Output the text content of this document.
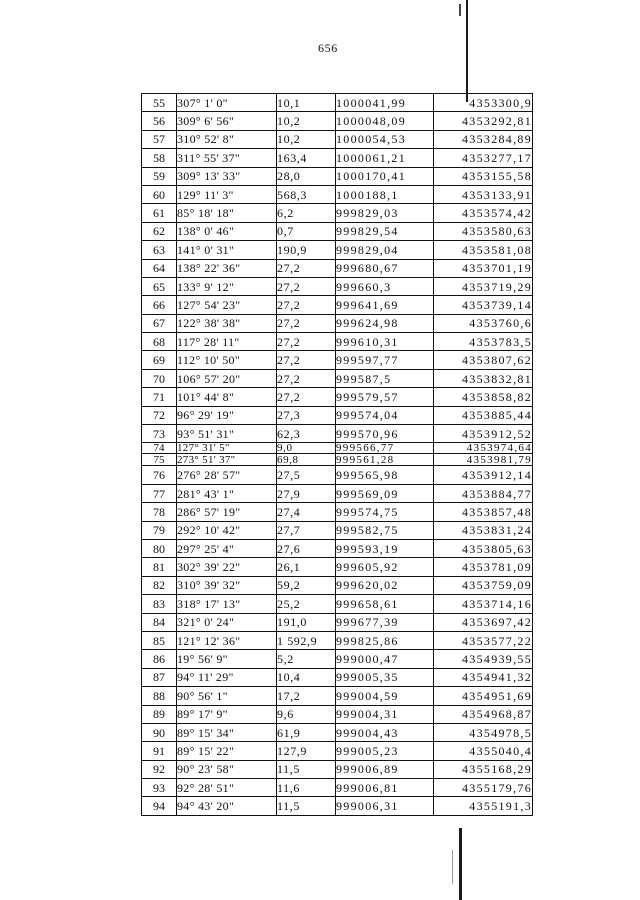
656
55	307° 1' 0"	10,1	1000041,99	4353300,9
56	309° 6' 56"	10,2	1000048,09	4353292,81
57	310° 52' 8"	10,2	1000054,53	4353284,89
58	311° 55' 37"	163,4	1000061,21	4353277,17
59	309° 13' 33"	28,0	1000170,41	4353155,58
60	129° 11' 3"	568,3	1000188,1	4353133,91
61	85° 18' 18"	6,2	999829,03	4353574,42
62	138° 0' 46"	0,7	999829,54	4353580,63
63	141° 0' 31"	190,9	999829,04	4353581,08
64	138° 22' 36"	27,2	999680,67	4353701,19
65	133° 9' 12"	27,2	999660,3	4353719,29
66	127° 54' 23"	27,2	999641,69	4353739,14
67	122° 38' 38"	27,2	999624,98	4353760,6
68	117° 28' 11"	27,2	999610,31	4353783,5
69	112° 10' 50"	27,2	999597,77	4353807,62
70	106° 57' 20"	27,2	999587,5	4353832,81
71	101° 44' 8"	27,2	999579,57	4353858,82
72	96° 29' 19"	27,3	999574,04	4353885,44
73	93° 51' 31"	62,3	999570,96	4353912,52
74	127° 31' 5"	9,0	999566,77	4353974,64
75	273° 51' 37"	69,8	999561,28	4353981,79
76	276° 28' 57"	27,5	999565,98	4353912,14
77	281° 43' 1"	27,9	999569,09	4353884,77
78	286° 57' 19"	27,4	999574,75	4353857,48
79	292° 10' 42"	27,7	999582,75	4353831,24
80	297° 25' 4"	27,6	999593,19	4353805,63
81	302° 39' 22"	26,1	999605,92	4353781,09
82	310° 39' 32"	59,2	999620,02	4353759,09
83	318° 17' 13"	25,2	999658,61	4353714,16
84	321° 0' 24"	191,0	999677,39	4353697,42
85	121° 12' 36"	1 592,9	999825,86	4353577,22
86	19° 56' 9"	5,2	999000,47	4354939,55
87	94° 11' 29"	10,4	999005,35	4354941,32
88	90° 56' 1"	17,2	999004,59	4354951,69
89	89° 17' 9"	9,6	999004,31	4354968,87
90	89° 15' 34"	61,9	999004,43	4354978,5
91	89° 15' 22"	127,9	999005,23	4355040,4
92	90° 23' 58"	11,5	999006,89	4355168,29
93	92° 28' 51"	11,6	999006,81	4355179,76
94	94° 43' 20"	11,5	999006,31	4355191,3
